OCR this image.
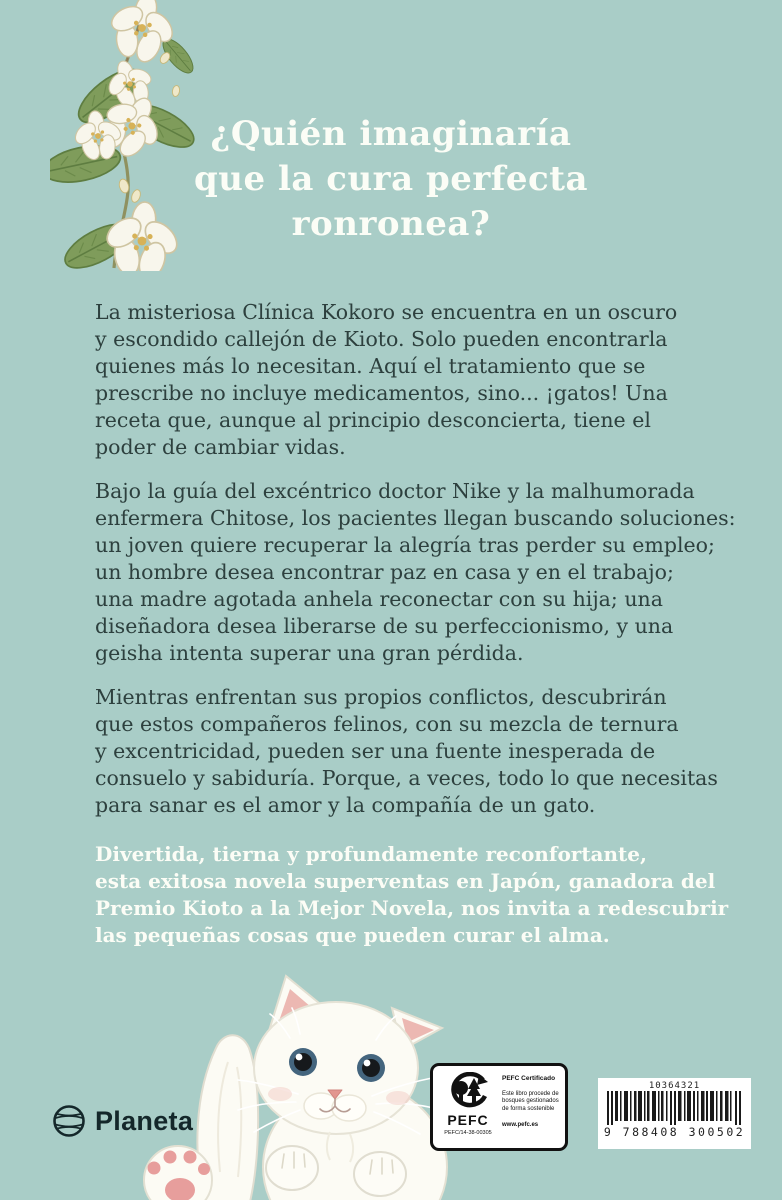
¿Quién imaginaría
que la cura perfecta
ronronea?
La misteriosa Clínica Kokoro se encuentra en un oscuro
y escondido callejón de Kioto. Solo pueden encontrarla
quienes más lo necesitan. Aquí el tratamiento que se
prescribe no incluye medicamentos, sino... ¡gatos! Una
receta que, aunque al principio desconcierta, tiene el
poder de cambiar vidas.
Bajo la guía del excéntrico doctor Nike y la malhumorada
enfermera Chitose, los pacientes llegan buscando soluciones:
un joven quiere recuperar la alegría tras perder su empleo;
un hombre desea encontrar paz en casa y en el trabajo;
una madre agotada anhela reconectar con su hija; una
diseñadora desea liberarse de su perfeccionismo, y una
geisha intenta superar una gran pérdida.
Mientras enfrentan sus propios conflictos, descubrirán
que estos compañeros felinos, con su mezcla de ternura
y excentricidad, pueden ser una fuente inesperada de
consuelo y sabiduría. Porque, a veces, todo lo que necesitas
para sanar es el amor y la compañía de un gato.
Divertida, tierna y profundamente reconfortante,
esta exitosa novela superventas en Japón, ganadora del
Premio Kioto a la Mejor Novela, nos invita a redescubrir
las pequeñas cosas que pueden curar el alma.
Planeta	PEFC
PEFC/14-38-00305
PEFC Certificado
Este libro procede de bosques gestionados de forma sostenible
www.pefc.es
10364321
9 788408 300502
